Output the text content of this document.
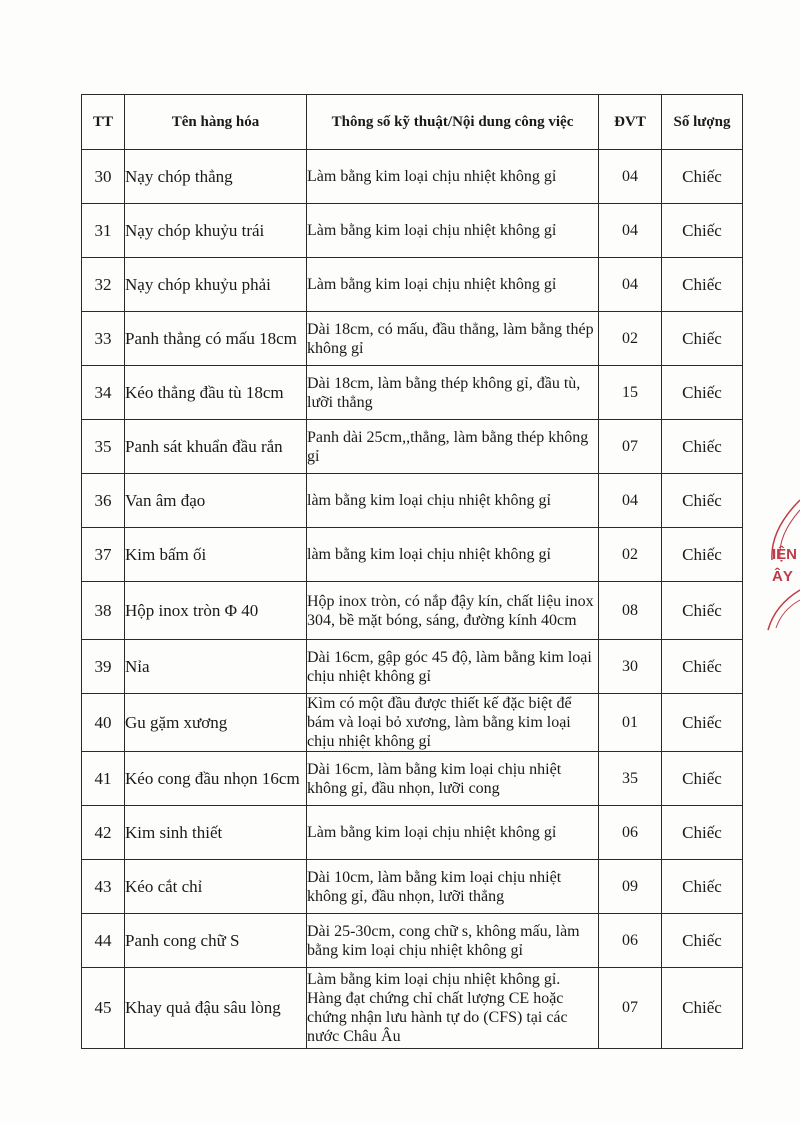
TT	Tên hàng hóa	Thông số kỹ thuật/Nội dung công việc	ĐVT	Số lượng
30	Nạy chóp thẳng	Làm bằng kim loại chịu nhiệt không gỉ	04	Chiếc
31	Nạy chóp khuỷu trái	Làm bằng kim loại chịu nhiệt không gỉ	04	Chiếc
32	Nạy chóp khuỷu phải	Làm bằng kim loại chịu nhiệt không gỉ	04	Chiếc
33	Panh thẳng có mấu 18cm	Dài 18cm, có mấu, đầu thẳng, làm bằng thép không gỉ	02	Chiếc
34	Kéo thẳng đầu tù 18cm	Dài 18cm, làm bằng thép không gỉ, đầu tù, lưỡi thẳng	15	Chiếc
35	Panh sát khuẩn đầu rắn	Panh dài 25cm,,thẳng, làm bằng thép không gỉ	07	Chiếc
36	Van âm đạo	làm bằng kim loại chịu nhiệt không gỉ	04	Chiếc
37	Kim bấm ối	làm bằng kim loại chịu nhiệt không gỉ	02	Chiếc
38	Hộp inox tròn Φ 40	Hộp inox tròn, có nắp đậy kín, chất liệu inox 304, bề mặt bóng, sáng, đường kính 40cm	08	Chiếc
39	Nỉa	Dài 16cm, gập góc 45 độ, làm bằng kim loại chịu nhiệt không gỉ	30	Chiếc
40	Gu gặm xương	Kìm có một đầu được thiết kế đặc biệt để bám và loại bỏ xương, làm bằng kim loại chịu nhiệt không gỉ	01	Chiếc
41	Kéo cong đầu nhọn 16cm	Dài 16cm, làm bằng kim loại chịu nhiệt không gỉ, đầu nhọn, lưỡi cong	35	Chiếc
42	Kim sinh thiết	Làm bằng kim loại chịu nhiệt không gỉ	06	Chiếc
43	Kéo cắt chỉ	Dài 10cm, làm bằng kim loại chịu nhiệt không gỉ, đầu nhọn, lưỡi thẳng	09	Chiếc
44	Panh cong chữ S	Dài 25-30cm, cong chữ s, không mấu, làm bằng kim loại chịu nhiệt không gỉ	06	Chiếc
45	Khay quả đậu sâu lòng	Làm bằng kim loại chịu nhiệt không gỉ. Hàng đạt chứng chỉ chất lượng CE hoặc chứng nhận lưu hành tự do (CFS) tại các nước Châu Âu	07	Chiếc
IỆN
ÂY
